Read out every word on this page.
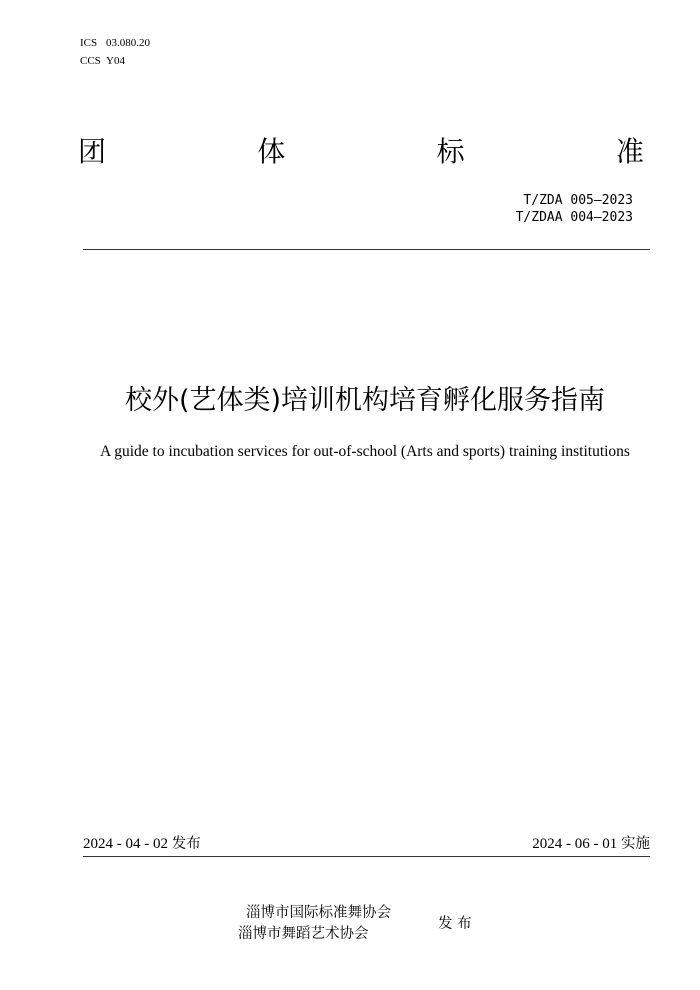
ICS 03.080.20
CCS Y04
团	体	标	准
T/ZDA 005—2023
T/ZDAA 004—2023
校外(艺体类)培训机构培育孵化服务指南
A guide to incubation services for out-of-school (Arts and sports) training institutions
2024 - 04 - 02 发布	2024 - 06 - 01 实施
淄博市国际标准舞协会
淄博市舞蹈艺术协会
发 布
